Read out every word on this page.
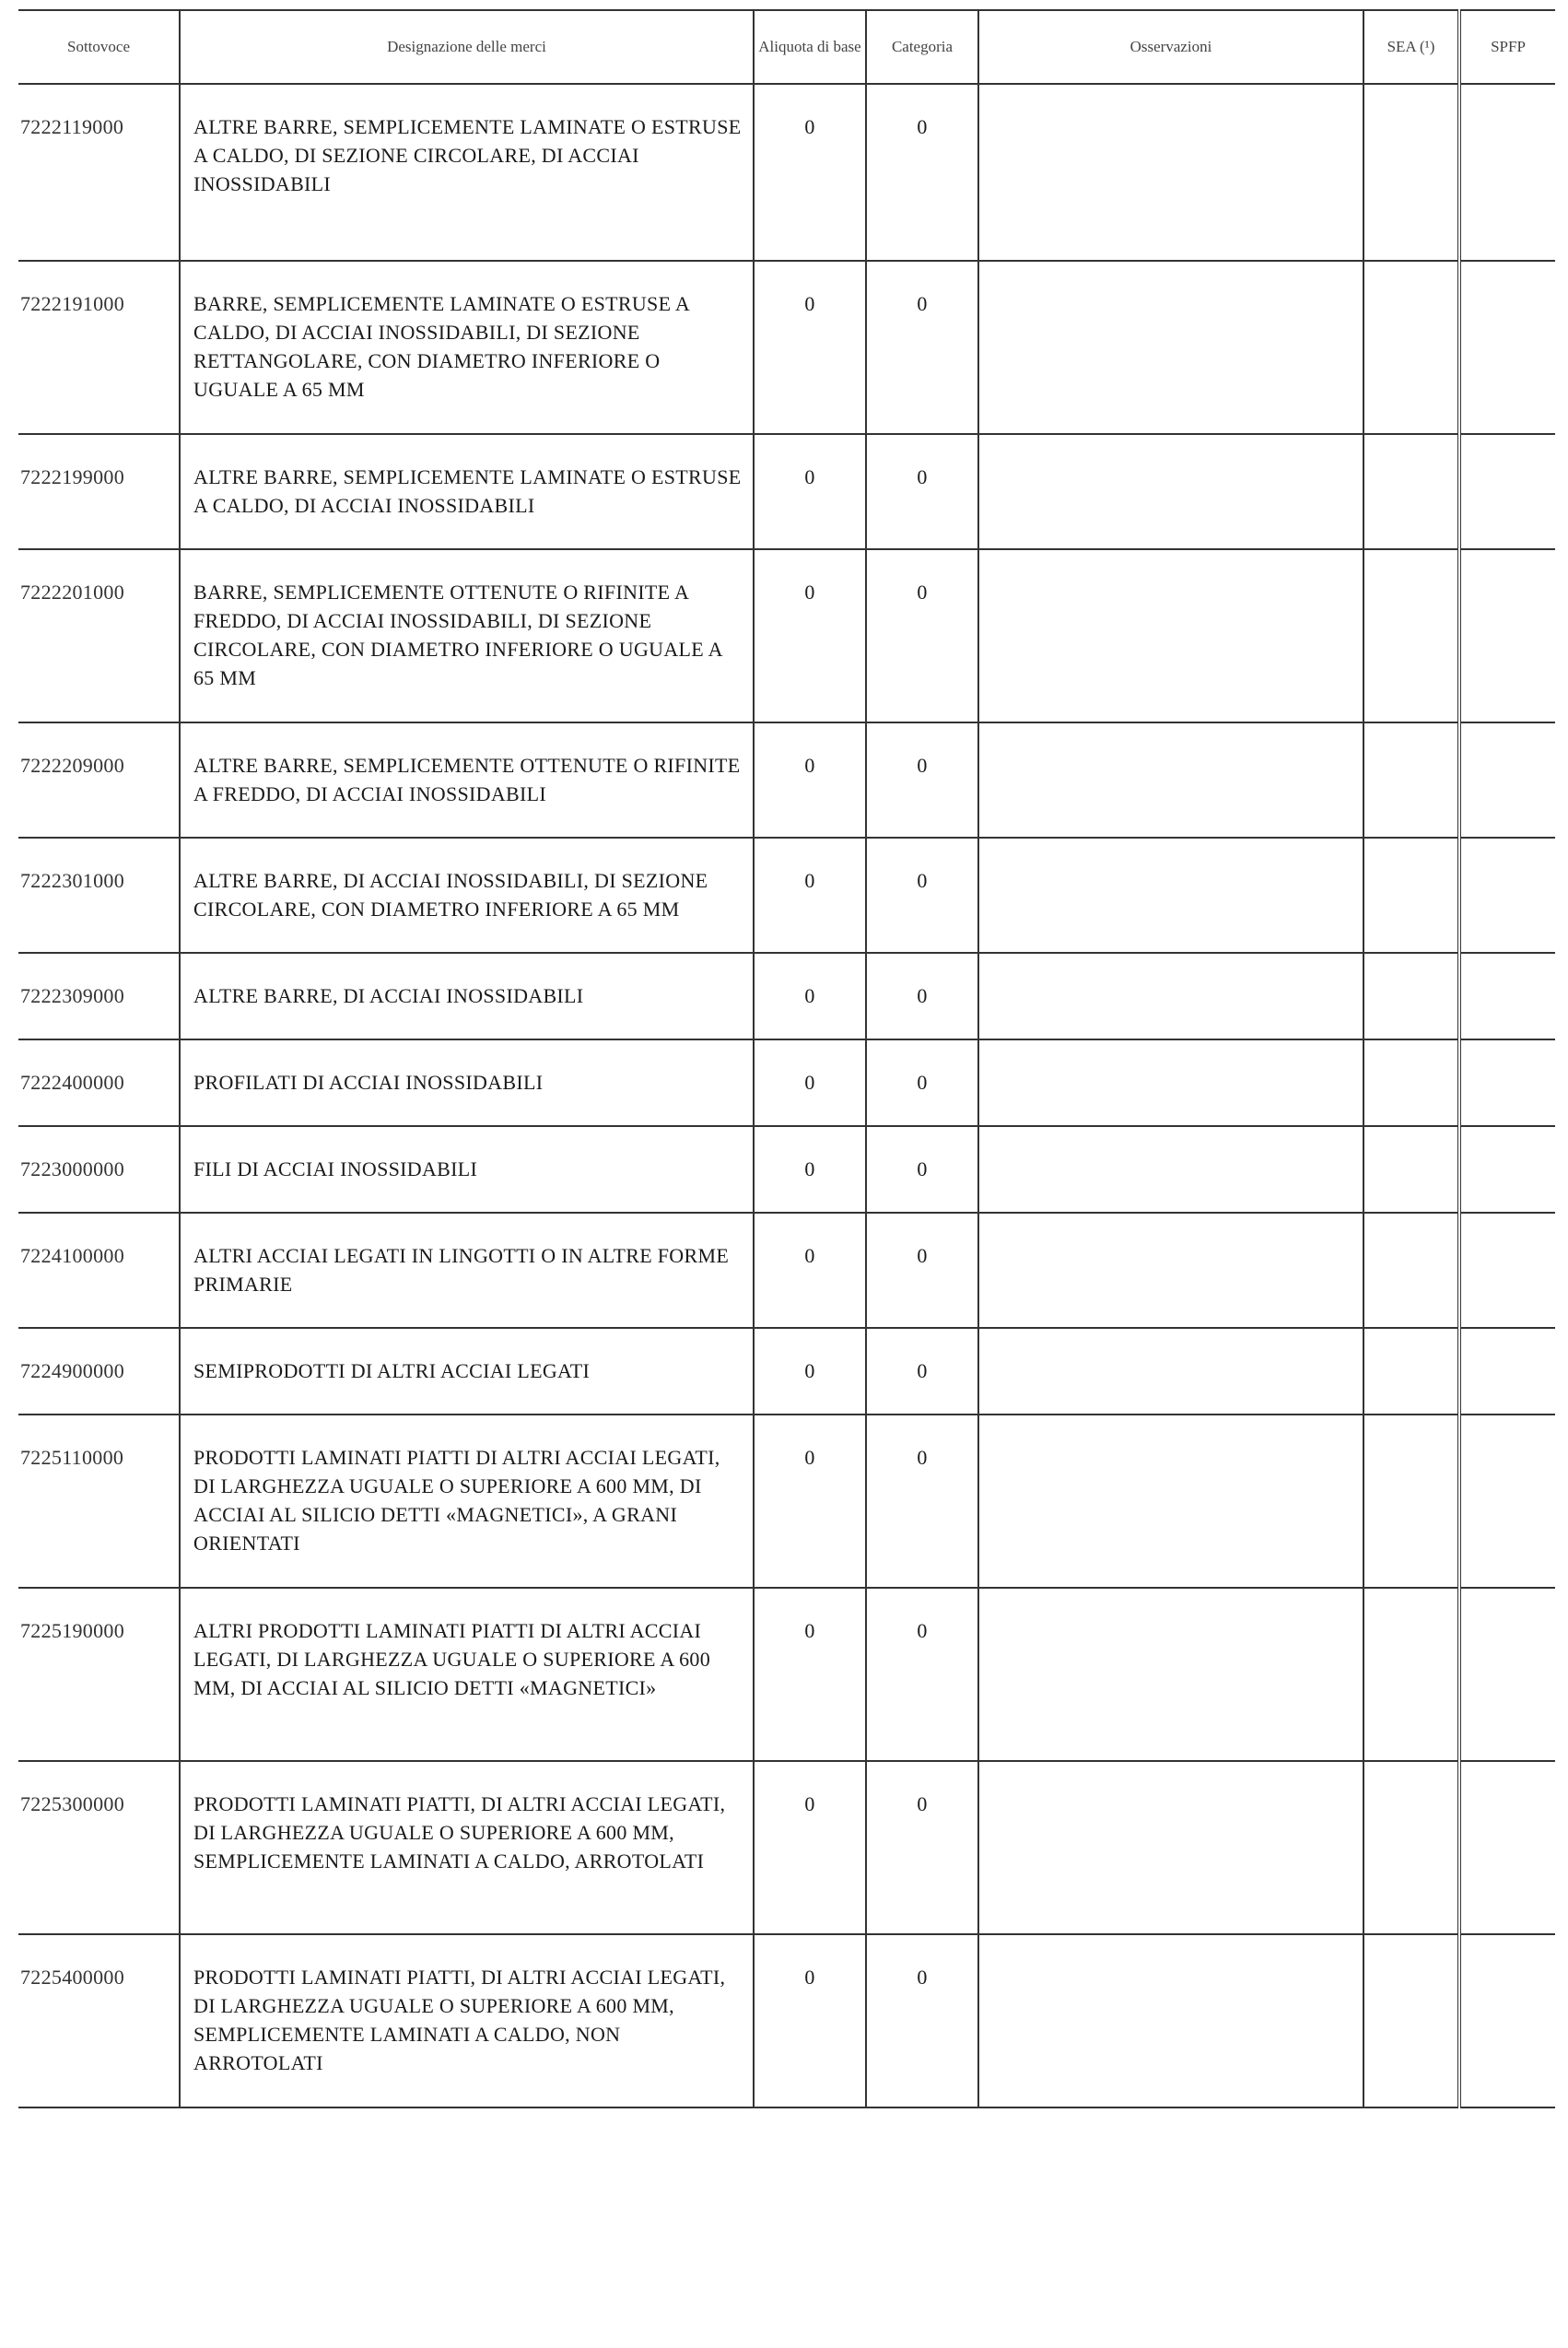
Sottovoce	Designazione delle merci	Aliquota di base	Categoria	Osservazioni	SEA (¹)	SPFP
7222119000	ALTRE BARRE, SEMPLICEMENTE LAMINATE O ESTRUSE A CALDO, DI SEZIONE CIRCOLARE, DI ACCIAI INOSSIDABILI	0	0			
7222191000	BARRE, SEMPLICEMENTE LAMINATE O ESTRUSE A CALDO, DI ACCIAI INOSSIDABILI, DI SEZIONE RETTANGOLARE, CON DIAMETRO INFERIORE O UGUALE A 65 MM	0	0			
7222199000	ALTRE BARRE, SEMPLICEMENTE LAMINATE O ESTRUSE A CALDO, DI ACCIAI INOSSIDABILI	0	0			
7222201000	BARRE, SEMPLICEMENTE OTTENUTE O RIFINITE A FREDDO, DI ACCIAI INOSSIDABILI, DI SEZIONE CIRCOLARE, CON DIAMETRO INFERIORE O UGUALE A 65 MM	0	0			
7222209000	ALTRE BARRE, SEMPLICEMENTE OTTENUTE O RIFINITE A FREDDO, DI ACCIAI INOSSIDABILI	0	0			
7222301000	ALTRE BARRE, DI ACCIAI INOSSIDABILI, DI SEZIONE CIRCOLARE, CON DIAMETRO INFERIORE A 65 MM	0	0			
7222309000	ALTRE BARRE, DI ACCIAI INOSSIDABILI	0	0			
7222400000	PROFILATI DI ACCIAI INOSSIDABILI	0	0			
7223000000	FILI DI ACCIAI INOSSIDABILI	0	0			
7224100000	ALTRI ACCIAI LEGATI IN LINGOTTI O IN ALTRE FORME PRIMARIE	0	0			
7224900000	SEMIPRODOTTI DI ALTRI ACCIAI LEGATI	0	0			
7225110000	PRODOTTI LAMINATI PIATTI DI ALTRI ACCIAI LEGATI, DI LARGHEZZA UGUALE O SUPERIORE A 600 MM, DI ACCIAI AL SILICIO DETTI «MAGNETICI», A GRANI ORIENTATI	0	0			
7225190000	ALTRI PRODOTTI LAMINATI PIATTI DI ALTRI ACCIAI LEGATI, DI LARGHEZZA UGUALE O SUPERIORE A 600 MM, DI ACCIAI AL SILICIO DETTI «MAGNETICI»	0	0			
7225300000	PRODOTTI LAMINATI PIATTI, DI ALTRI ACCIAI LEGATI, DI LARGHEZZA UGUALE O SUPERIORE A 600 MM, SEMPLICEMENTE LAMINATI A CALDO, ARROTOLATI	0	0			
7225400000	PRODOTTI LAMINATI PIATTI, DI ALTRI ACCIAI LEGATI, DI LARGHEZZA UGUALE O SUPERIORE A 600 MM, SEMPLICEMENTE LAMINATI A CALDO, NON ARROTOLATI	0	0			
